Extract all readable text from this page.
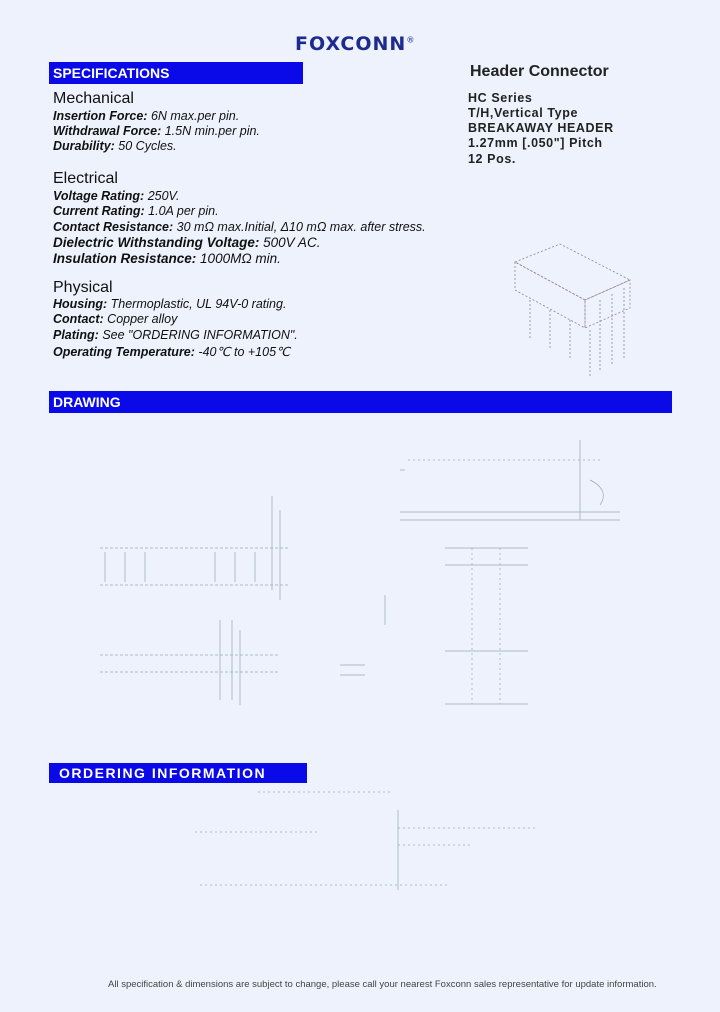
FOXCONN®
SPECIFICATIONS
DRAWING
ORDERING INFORMATION
Header Connector
HC Series
T/H,Vertical Type
BREAKAWAY HEADER
1.27mm [.050"] Pitch
12 Pos.
Mechanical
Insertion Force: 6N max.per pin.
Withdrawal Force: 1.5N min.per pin.
Durability: 50 Cycles.
Electrical
Voltage Rating: 250V.
Current Rating: 1.0A per pin.
Contact Resistance: 30 mΩ max.Initial, Δ10 mΩ max. after stress.
Dielectric Withstanding Voltage: 500V AC.
Insulation Resistance: 1000MΩ min.
Physical
Housing: Thermoplastic, UL 94V-0 rating.
Contact: Copper alloy
Plating: See "ORDERING INFORMATION".
Operating Temperature: -40℃ to +105℃
All specification & dimensions are subject to change, please call your nearest Foxconn sales representative for update information.
